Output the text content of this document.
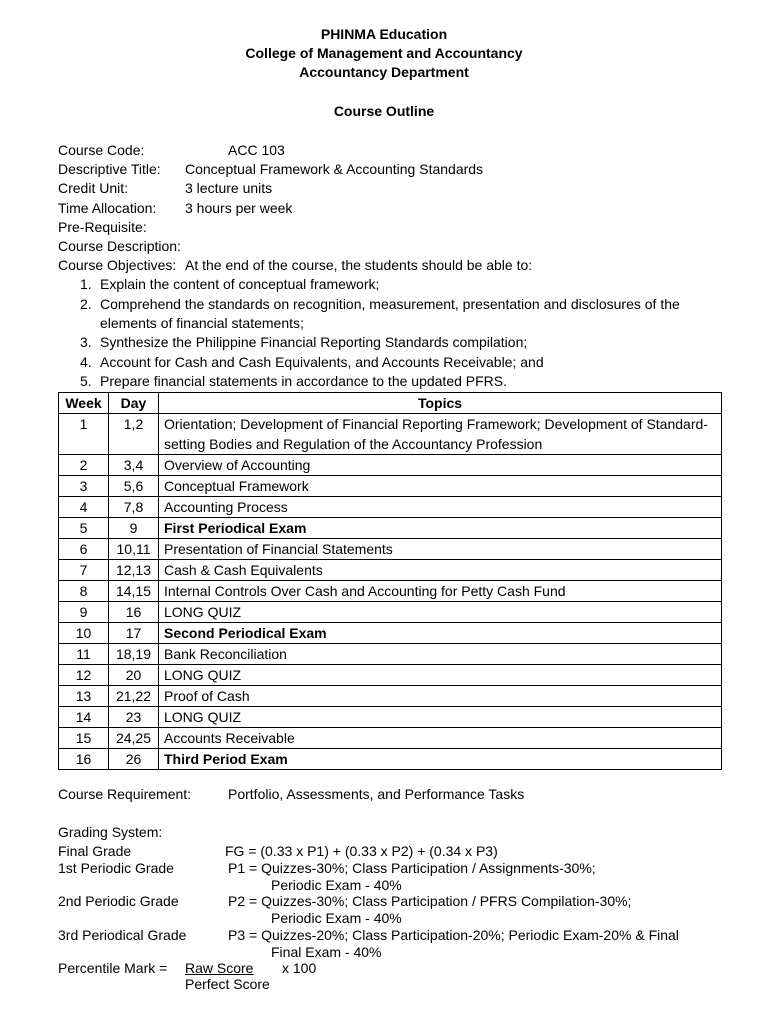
PHINMA Education
College of Management and Accountancy
Accountancy Department
Course Outline
Course Code:	ACC 103
Descriptive Title: Conceptual Framework & Accounting Standards
Credit Unit:	3 lecture units
Time Allocation: 3 hours per week
Pre-Requisite:
Course Description:
Course Objectives: At the end of the course, the students should be able to:
1. Explain the content of conceptual framework;
2. Comprehend the standards on recognition, measurement, presentation and disclosures of the
elements of financial statements;
3. Synthesize the Philippine Financial Reporting Standards compilation;
4. Account for Cash and Cash Equivalents, and Accounts Receivable; and
5. Prepare financial statements in accordance to the updated PFRS.
Week	Day	Topics
1	1,2	Orientation; Development of Financial Reporting Framework; Development of Standard-setting Bodies and Regulation of the Accountancy Profession
2	3,4	Overview of Accounting
3	5,6	Conceptual Framework
4	7,8	Accounting Process
5	9	First Periodical Exam
6	10,11	Presentation of Financial Statements
7	12,13	Cash & Cash Equivalents
8	14,15	Internal Controls Over Cash and Accounting for Petty Cash Fund
9	16	LONG QUIZ
10	17	Second Periodical Exam
11	18,19	Bank Reconciliation
12	20	LONG QUIZ
13	21,22	Proof of Cash
14	23	LONG QUIZ
15	24,25	Accounts Receivable
16	26	Third Period Exam
Course Requirement:	Portfolio, Assessments, and Performance Tasks
Grading System:
Final Grade	FG = (0.33 x P1) + (0.33 x P2) + (0.34 x P3)
1st Periodic Grade	P1 = Quizzes-30%; Class Participation / Assignments-30%;
Periodic Exam - 40%
2nd Periodic Grade	P2 = Quizzes-30%; Class Participation / PFRS Compilation-30%;
Periodic Exam - 40%
3rd Periodical Grade	P3 = Quizzes-20%; Class Participation-20%; Periodic Exam-20% & Final
Final Exam - 40%
Percentile Mark = Raw Score x 100
Perfect Score
